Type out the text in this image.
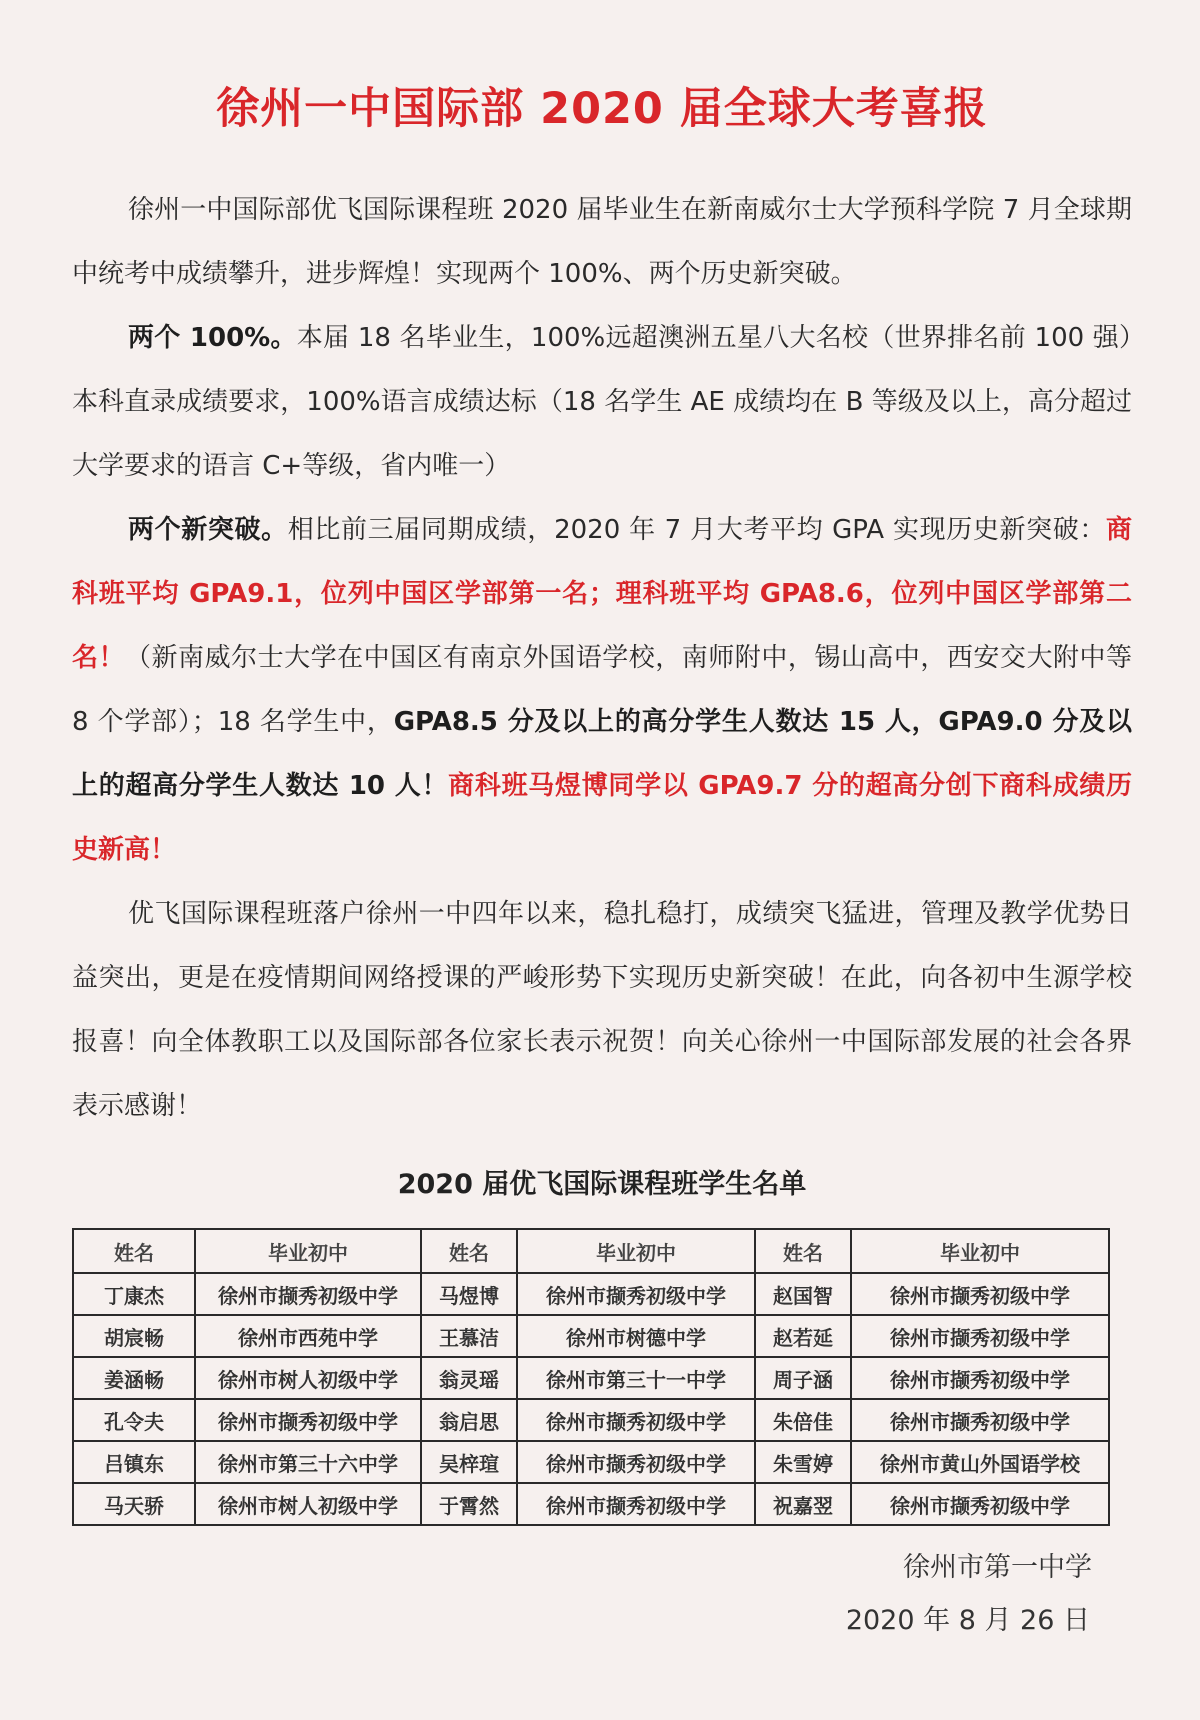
徐州一中国际部 2020 届全球大考喜报

徐州一中国际部优飞国际课程班 2020 届毕业生在新南威尔士大学预科学院 7 月全球期中统考中成绩攀升，进步辉煌！实现两个 100%、两个历史新突破。

两个 100%。本届 18 名毕业生，100%远超澳洲五星八大名校（世界排名前 100 强）本科直录成绩要求，100%语言成绩达标（18 名学生 AE 成绩均在 B 等级及以上，高分超过大学要求的语言 C+等级，省内唯一）

两个新突破。相比前三届同期成绩，2020 年 7 月大考平均 GPA 实现历史新突破：商科班平均 GPA9.1，位列中国区学部第一名；理科班平均 GPA8.6，位列中国区学部第二名！（新南威尔士大学在中国区有南京外国语学校，南师附中，锡山高中，西安交大附中等 8 个学部）；18 名学生中，GPA8.5 分及以上的高分学生人数达 15 人，GPA9.0 分及以上的超高分学生人数达 10 人！商科班马煜博同学以 GPA9.7 分的超高分创下商科成绩历史新高！

优飞国际课程班落户徐州一中四年以来，稳扎稳打，成绩突飞猛进，管理及教学优势日益突出，更是在疫情期间网络授课的严峻形势下实现历史新突破！在此，向各初中生源学校报喜！向全体教职工以及国际部各位家长表示祝贺！向关心徐州一中国际部发展的社会各界表示感谢！

2020 届优飞国际课程班学生名单
姓名	毕业初中	姓名	毕业初中	姓名	毕业初中
丁康杰	徐州市撷秀初级中学	马煜博	徐州市撷秀初级中学	赵国智	徐州市撷秀初级中学
胡宸畅	徐州市西苑中学	王慕洁	徐州市树德中学	赵若延	徐州市撷秀初级中学
姜涵畅	徐州市树人初级中学	翁灵瑶	徐州市第三十一中学	周子涵	徐州市撷秀初级中学
孔令夫	徐州市撷秀初级中学	翁启思	徐州市撷秀初级中学	朱倍佳	徐州市撷秀初级中学
吕镇东	徐州市第三十六中学	吴梓瑄	徐州市撷秀初级中学	朱雪婷	徐州市黄山外国语学校
马天骄	徐州市树人初级中学	于霄然	徐州市撷秀初级中学	祝嘉翌	徐州市撷秀初级中学
徐州市第一中学
2020 年 8 月 26 日
